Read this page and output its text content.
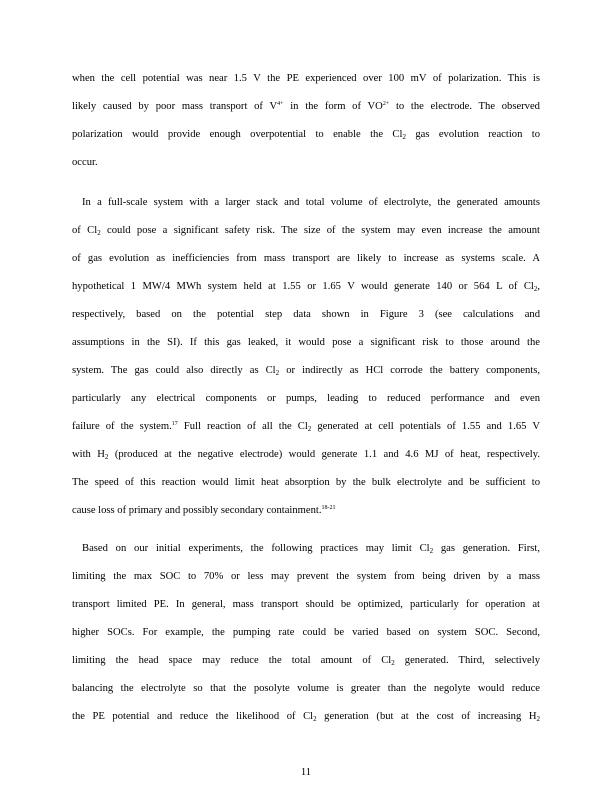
when the cell potential was near 1.5 V the PE experienced over 100 mV of polarization. This is
likely caused by poor mass transport of $V^{4+}$ in the form of $VO^{2+}$ to the electrode. The observed
polarization would provide enough overpotential to enable the $Cl_2$ gas evolution reaction to
occur.
In a full-scale system with a larger stack and total volume of electrolyte, the generated amounts
of $Cl_2$ could pose a significant safety risk. The size of the system may even increase the amount
of gas evolution as inefficiencies from mass transport are likely to increase as systems scale. A
hypothetical 1 MW/4 MWh system held at 1.55 or 1.65 V would generate 140 or 564 L of $Cl_2$,
respectively, based on the potential step data shown in Figure 3 (see calculations and
assumptions in the SI). If this gas leaked, it would pose a significant risk to those around the
system. The gas could also directly as $Cl_2$ or indirectly as HCl corrode the battery components,
particularly any electrical components or pumps, leading to reduced performance and even
failure of the system.$^{17}$ Full reaction of all the $Cl_2$ generated at cell potentials of 1.55 and 1.65 V
with $H_2$ (produced at the negative electrode) would generate 1.1 and 4.6 MJ of heat, respectively.
The speed of this reaction would limit heat absorption by the bulk electrolyte and be sufficient to
cause loss of primary and possibly secondary containment.$^{18-21}$
Based on our initial experiments, the following practices may limit $Cl_2$ gas generation. First,
limiting the max SOC to 70% or less may prevent the system from being driven by a mass
transport limited PE. In general, mass transport should be optimized, particularly for operation at
higher SOCs. For example, the pumping rate could be varied based on system SOC. Second,
limiting the head space may reduce the total amount of $Cl_2$ generated. Third, selectively
balancing the electrolyte so that the posolyte volume is greater than the negolyte would reduce
the PE potential and reduce the likelihood of $Cl_2$ generation (but at the cost of increasing $H_2$
11
